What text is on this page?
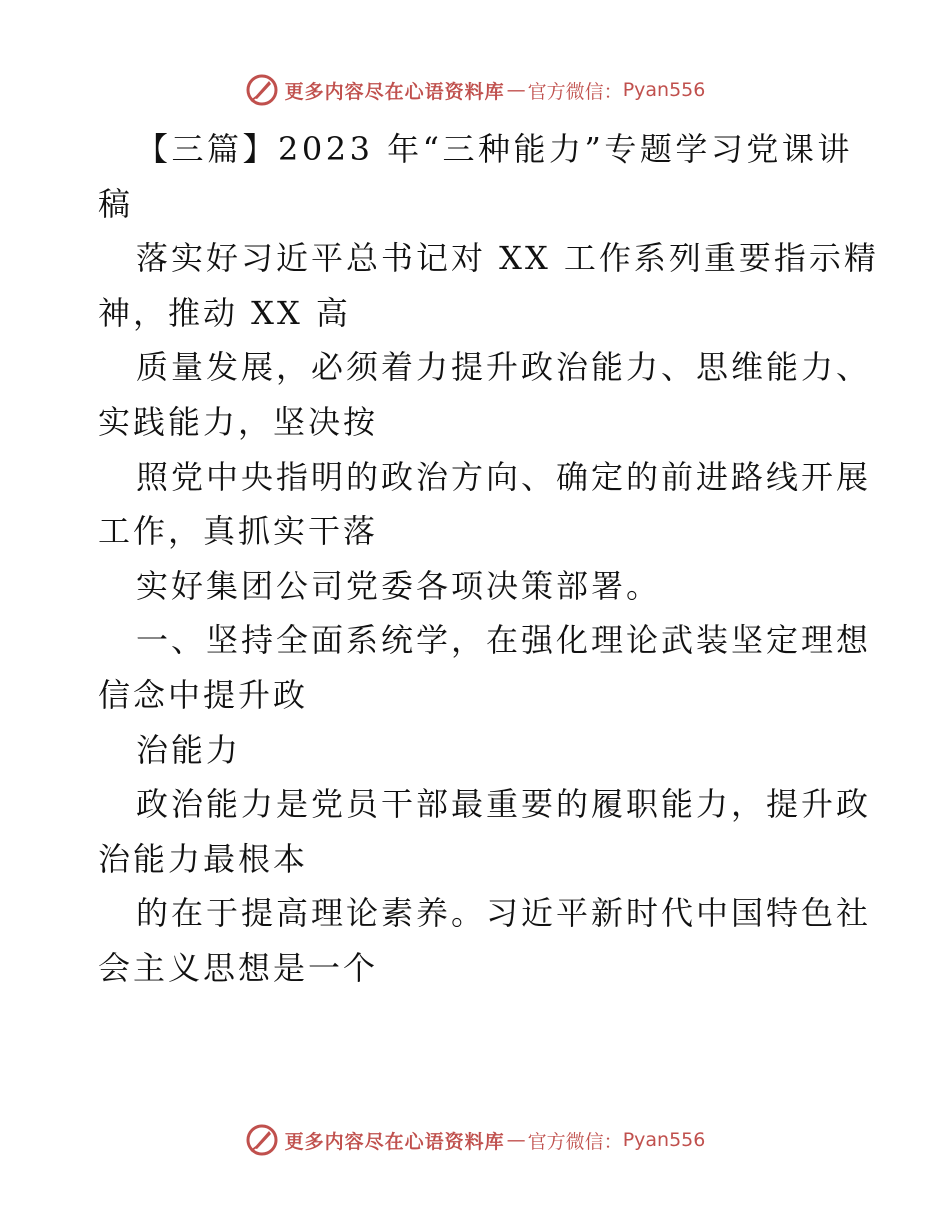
更多内容尽在心语资料库 — 官方微信： Pyan556
【三篇】2023 年“三种能力”专题学习党课讲
稿
落实好习近平总书记对 XX 工作系列重要指示精
神，推动 XX 高
质量发展，必须着力提升政治能力、思维能力、
实践能力，坚决按
照党中央指明的政治方向、确定的前进路线开展
工作，真抓实干落
实好集团公司党委各项决策部署。
一、坚持全面系统学，在强化理论武装坚定理想
信念中提升政
治能力
政治能力是党员干部最重要的履职能力，提升政
治能力最根本
的在于提高理论素养。习近平新时代中国特色社
会主义思想是一个
更多内容尽在心语资料库 — 官方微信： Pyan556
